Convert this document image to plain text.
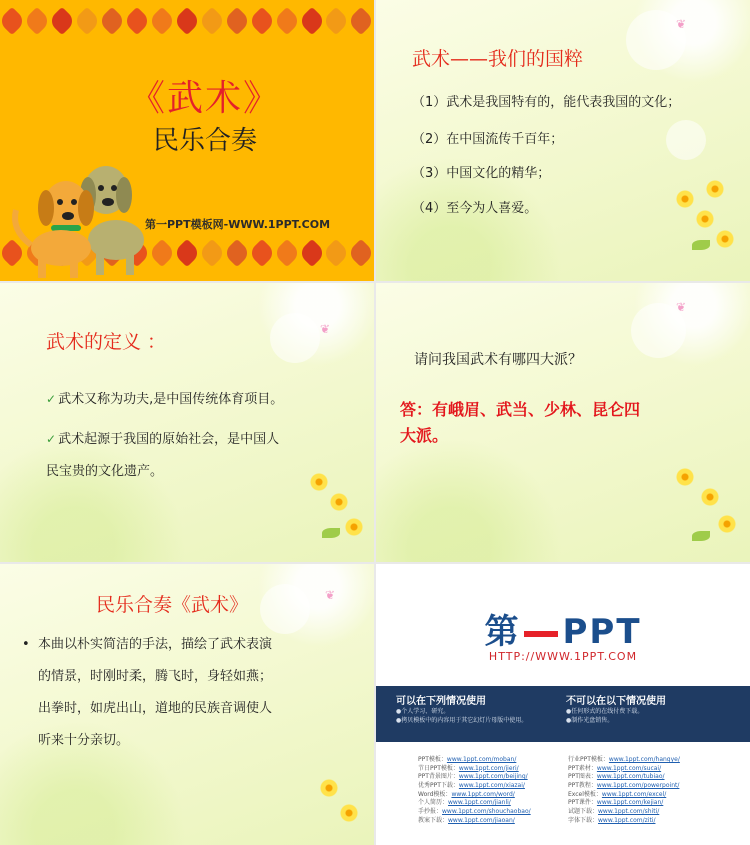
《武术》
民乐合奏
第一PPT模板网-WWW.1PPT.COM
❦
武术——我们的国粹
（1）武术是我国特有的，能代表我国的文化；
（2）在中国流传千百年；
（3）中国文化的精华；
（4）至今为人喜爱。
❦
武术的定义 ：
✓ 武术又称为功夫,是中国传统体育项目。
✓ 武术起源于我国的原始社会，是中国人
民宝贵的文化遗产。
❦
请问我国武术有哪四大派？
答：有峨眉、武当、少林、昆仑四
大派。
❦
民乐合奏《武术》
• 本曲以朴实简洁的手法，描绘了武术表演
的情景，时刚时柔，腾飞时，身轻如燕；
出拳时，如虎出山，道地的民族音调使人
听来十分亲切。
第 PPT
HTTP://WWW.1PPT.COM
可以在下列情况使用
●个人学习、研究。
●拷贝模板中的内容用于其它幻灯片母版中使用。
不可以在以下情况使用
●任何形式的在线付费下载。
●制作光盘销售。
PPT模板：www.1ppt.com/moban/
节日PPT模板：www.1ppt.com/jieri/
PPT背景图片：www.1ppt.com/beijing/
优秀PPT下载：www.1ppt.com/xiazai/
Word模板：www.1ppt.com/word/
个人简历：www.1ppt.com/jianli/
手抄报：www.1ppt.com/shouchaobao/
教案下载：www.1ppt.com/jiaoan/
行业PPT模板：www.1ppt.com/hangye/
PPT素材：www.1ppt.com/sucai/
PPT图表：www.1ppt.com/tubiao/
PPT教程：www.1ppt.com/powerpoint/
Excel模板：www.1ppt.com/excel/
PPT课件：www.1ppt.com/kejian/
试题下载：www.1ppt.com/shiti/
字体下载：www.1ppt.com/ziti/
